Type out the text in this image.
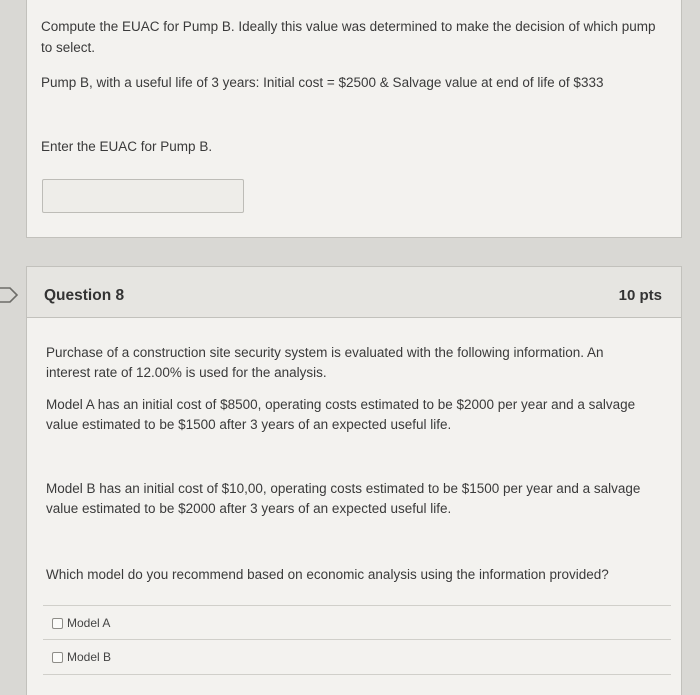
Compute the EUAC for Pump B. Ideally this value was determined to make the decision of which pump to select.

Pump B, with a useful life of 3 years: Initial cost = $2500 & Salvage value at end of life of $333

Enter the EUAC for Pump B.

Question 8	10 pts

Purchase of a construction site security system is evaluated with the following information. An interest rate of 12.00% is used for the analysis.

Model A has an initial cost of $8500, operating costs estimated to be $2000 per year and a salvage value estimated to be $1500 after 3 years of an expected useful life.

Model B has an initial cost of $10,00, operating costs estimated to be $1500 per year and a salvage value estimated to be $2000 after 3 years of an expected useful life.

Which model do you recommend based on economic analysis using the information provided?

Model A
Model B
